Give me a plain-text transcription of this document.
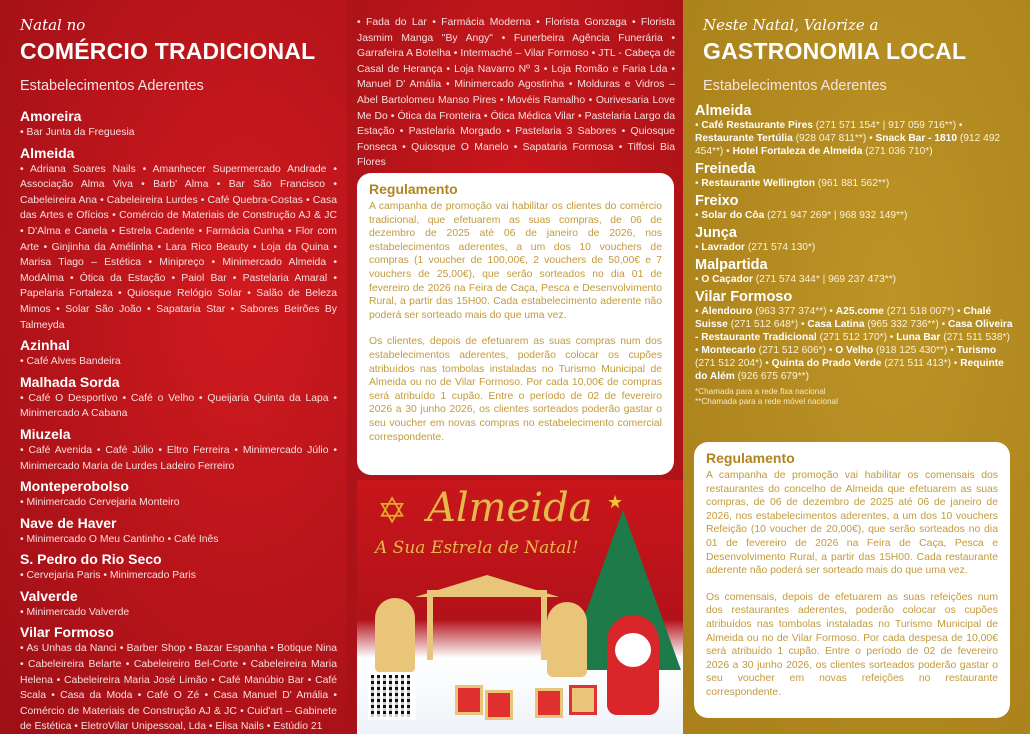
Natal no
COMÉRCIO TRADICIONAL
Estabelecimentos Aderentes
Amoreira

• Bar Junta da Freguesia

Almeida

• Adriana Soares Nails • Amanhecer Supermercado Andrade • Associação Alma Viva • Barb' Alma • Bar São Francisco • Cabeleireira Ana • Cabeleireira Lurdes • Café Quebra-Costas • Casa das Artes e Ofícios • Comércio de Materiais de Construção AJ & JC • D'Alma e Canela • Estrela Cadente • Farmácia Cunha • Flor com Arte • Ginjinha da Amélinha • Lara Rico Beauty • Loja da Quina • Marisa Tiago – Estética • Minipreço • Minimercado Almeida • ModAlma • Ótica da Estação • Paiol Bar • Pastelaria Amaral • Papelaria Fortaleza • Quiosque Relógio Solar • Salão de Beleza Mimos • Solar São João • Sapataria Star • Sabores Beirões By Talmeyda

Azinhal

• Café Alves Bandeira

Malhada Sorda

• Café O Desportivo • Café o Velho • Queijaria Quinta da Lapa • Minimercado A Cabana

Miuzela

• Café Avenida • Café Júlio • Eltro Ferreira • Minimercado Júlio • Minimercado Maria de Lurdes Ladeiro Ferreiro

Monteperobolso

• Minimercado Cervejaria Monteiro

Nave de Haver

• Minimercado O Meu Cantinho • Café Inês

S. Pedro do Rio Seco

• Cervejaria Paris • Minimercado Paris

Valverde

• Minimercado Valverde

Vilar Formoso

• As Unhas da Nanci • Barber Shop • Bazar Espanha • Botique Nina • Cabeleireira Belarte • Cabeleireiro Bel-Corte • Cabeleireira Maria Helena • Cabeleireira Maria José Limão • Café Manúbio Bar • Café Scala • Casa da Moda • Café O Zé • Casa Manuel D' Amália • Comércio de Materiais de Construção AJ & JC • Cuid'art – Gabinete de Estética • EletroVilar Unipessoal, Lda • Elisa Nails • Estúdio 21

• Fada do Lar • Farmácia Moderna • Florista Gonzaga • Florista Jasmim Manga "By Angy" • Funerbeira Agência Funerária • Garrafeira A Botelha • Intermaché – Vilar Formoso • JTL - Cabeça de Casal de Herança • Loja Navarro Nº 3 • Loja Romão e Faria Lda • Manuel D' Amália • Minimercado Agostinha • Molduras e Vidros – Abel Bartolomeu Manso Pires • Movéis Ramalho • Ourivesaria Love Me Do • Ótica da Fronteira • Ótica Médica Vilar • Pastelaria Largo da Estação • Pastelaria Morgado • Pastelaria 3 Sabores • Quiosque Fonseca • Quiosque O Manelo • Sapataria Formosa • Tiffosi Bia Flores
Regulamento

A campanha de promoção vai habilitar os clientes do comércio tradicional, que efetuarem as suas compras, de 06 de dezembro de 2025 até 06 de janeiro de 2026, nos estabelecimentos aderentes, a um dos 10 vouchers de compras (1 voucher de 100,00€, 2 vouchers de 50,00€ e 7 vouchers de 25,00€), que serão sorteados no dia 01 de fevereiro de 2026 na Feira de Caça, Pesca e Desenvolvimento Rural, a partir das 15H00. Cada estabelecimento aderente não poderá ser sorteado mais do que uma vez.

Os clientes, depois de efetuarem as suas compras num dos estabelecimentos aderentes, poderão colocar os cupões atribuídos nas tombolas instaladas no Turismo Municipal de Almeida ou no de Vilar Formoso. Por cada 10,00€ de compras será atribuído 1 cupão. Entre o período de 02 de fevereiro 2026 a 30 junho 2026, os clientes sorteados poderão gastar o seu voucher em novas compras no estabelecimento comercial correspondente.

✡ Almeida
A Sua Estrela de Natal!
★
Neste Natal, Valorize a
GASTRONOMIA LOCAL
Estabelecimentos Aderentes
Almeida

• Café Restaurante Pires (271 571 154* | 917 059 716**) • Restaurante Tertúlia (928 047 811**) • Snack Bar - 1810 (912 492 454**) • Hotel Fortaleza de Almeida (271 036 710*)

Freineda

• Restaurante Wellington (961 881 562**)

Freixo

• Solar do Côa (271 947 269* | 968 932 149**)

Junça

• Lavrador (271 574 130*)

Malpartida

• O Caçador (271 574 344* | 969 237 473**)

Vilar Formoso

• Alendouro (963 377 374**) • A25.come (271 518 007*) • Chalé Suisse (271 512 648*) • Casa Latina (965 332 736**) • Casa Oliveira - Restaurante Tradicional (271 512 170*) • Luna Bar (271 511 538*) • Montecarlo (271 512 606*) • O Velho (918 125 430**) • Turismo (271 512 204*) • Quinta do Prado Verde (271 511 413*) • Requinte do Além (926 675 679**)

*Chamada para a rede fixa nacional
**Chamada para a rede móvel nacional
Regulamento

A campanha de promoção vai habilitar os comensais dos restaurantes do concelho de Almeida que efetuarem as suas compras, de 06 de dezembro de 2025 até 06 de janeiro de 2026, nos estabelecimentos aderentes, a um dos 10 vouchers Refeição (10 voucher de 20,00€), que serão sorteados no dia 01 de fevereiro de 2026 na Feira de Caça, Pesca e Desenvolvimento Rural, a partir das 15H00. Cada restaurante aderente não poderá ser sorteado mais do que uma vez.

Os comensais, depois de efetuarem as suas refeições num dos restaurantes aderentes, poderão colocar os cupões atribuídos nas tombolas instaladas no Turismo Municipal de Almeida ou no de Vilar Formoso. Por cada despesa de 10,00€ será atribuído 1 cupão. Entre o período de 02 de fevereiro 2026 a 30 junho 2026, os clientes sorteados poderão gastar o seu voucher em novas refeições no restaurante correspondente.
